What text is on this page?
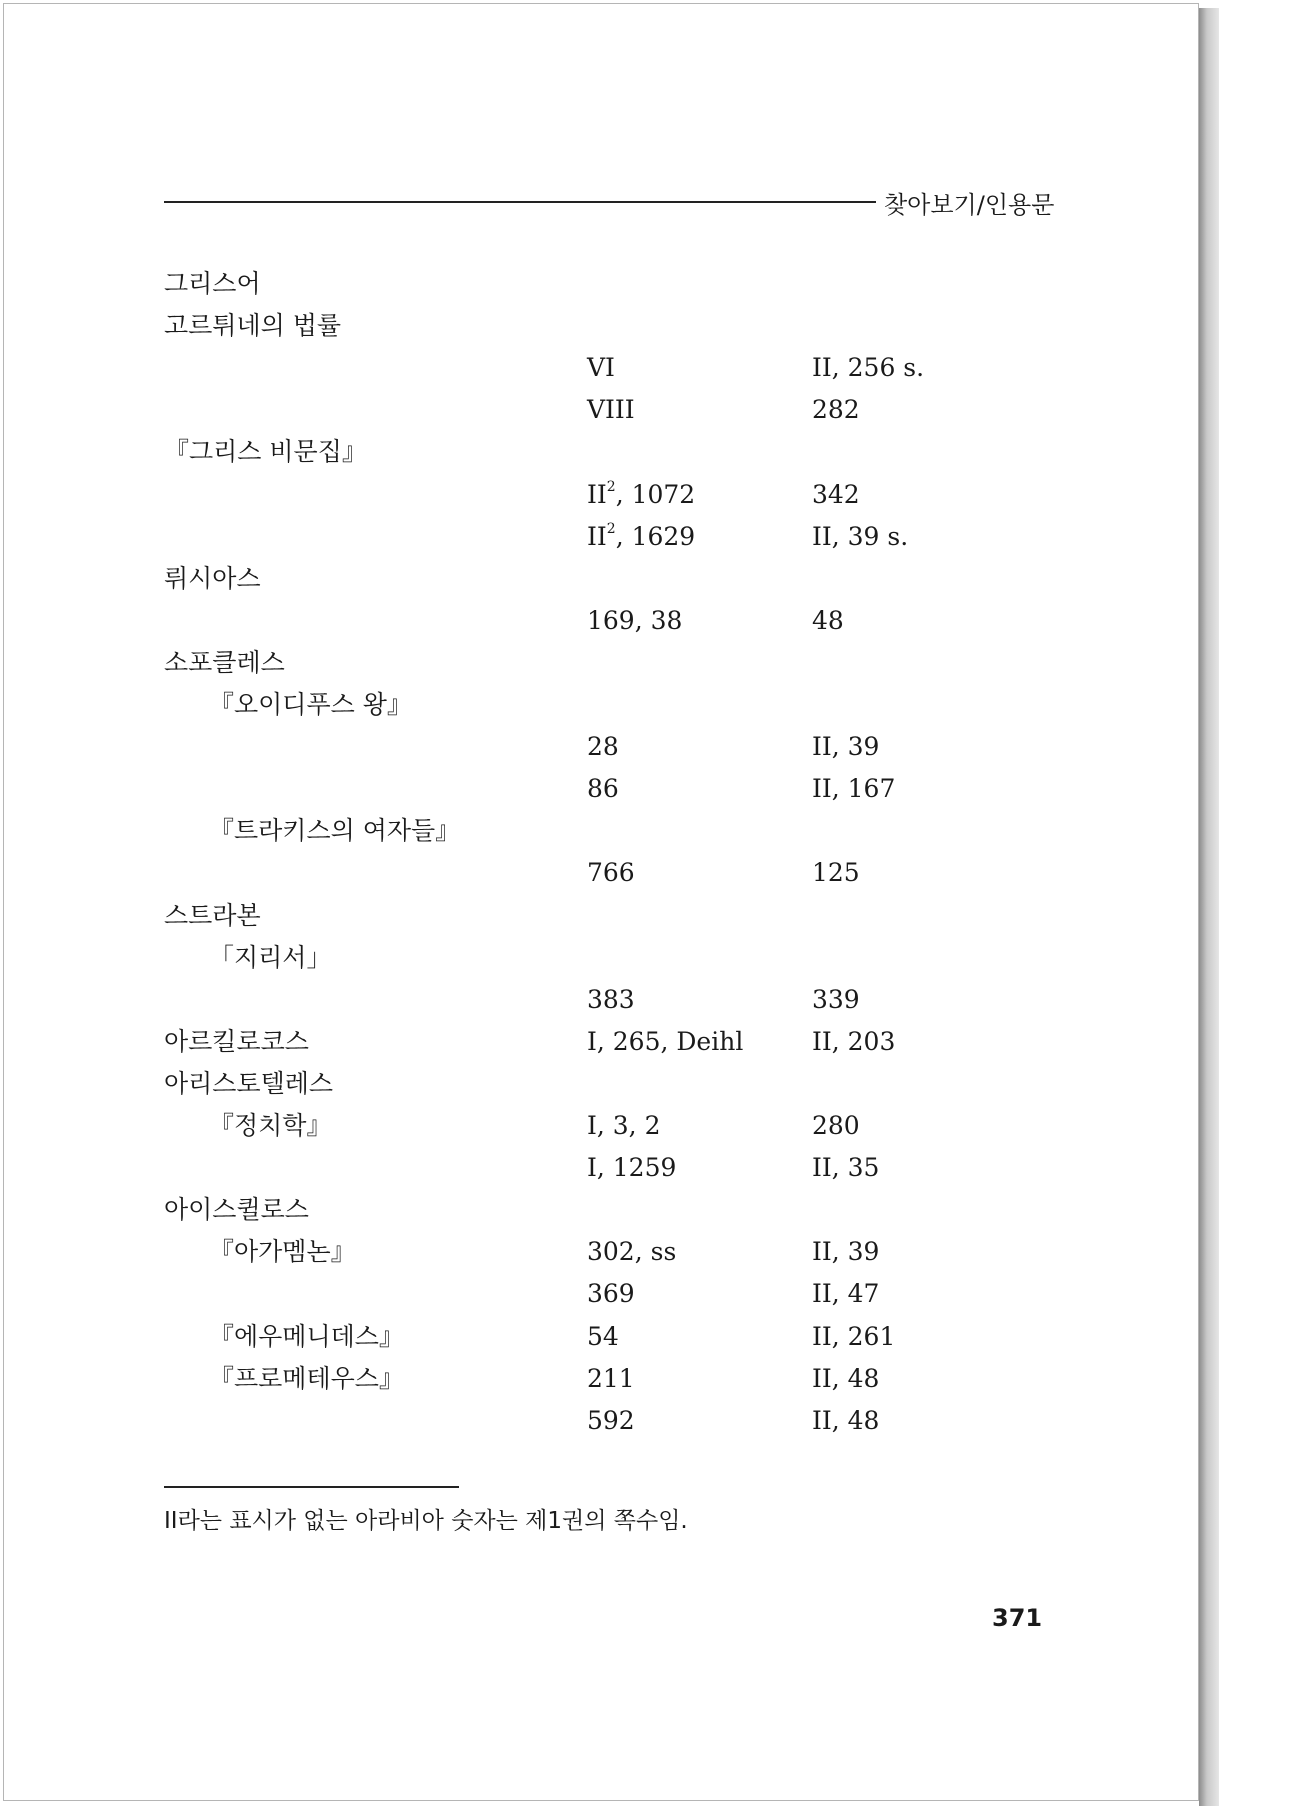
찾아보기/인용문
그리스어
고르튀네의 법률
VI	II, 256 s.
VIII	282
『그리스 비문집』
$II^2$, 1072	342
$II^2$, 1629	II, 39 s.
뤼시아스
169, 38	48
소포클레스
『오이디푸스 왕』
28	II, 39
86	II, 167
『트라키스의 여자들』
766	125
스트라본
「지리서」
383	339
아르킬로코스	I, 265, Deihl	II, 203
아리스토텔레스
『정치학』	I, 3, 2	280
I, 1259	II, 35
아이스퀼로스
『아가멤논』	302, ss	II, 39
369	II, 47
『에우메니데스』	54	II, 261
『프로메테우스』	211	II, 48
592	II, 48
II라는 표시가 없는 아라비아 숫자는 제1권의 쪽수임.
371
